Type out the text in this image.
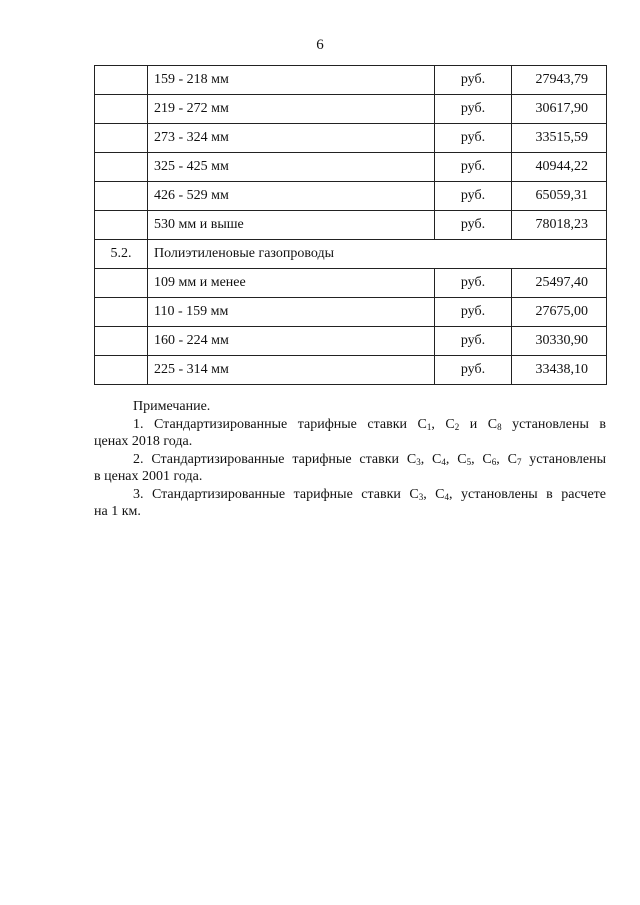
6
	159 - 218 мм	руб.	27943,79
	219 - 272 мм	руб.	30617,90
	273 - 324 мм	руб.	33515,59
	325 - 425 мм	руб.	40944,22
	426 - 529 мм	руб.	65059,31
	530 мм и выше	руб.	78018,23
5.2.	Полиэтиленовые газопроводы		
	109 мм и менее	руб.	25497,40
	110 - 159 мм	руб.	27675,00
	160 - 224 мм	руб.	30330,90
	225 - 314 мм	руб.	33438,10
Примечание.
1. Стандартизированные тарифные ставки $С_1$, $С_2$ и $С_8$ установлены в
ценах 2018 года.
2. Стандартизированные тарифные ставки $С_3$, $С_4$, $С_5$, $С_6$, $С_7$ установлены
в ценах 2001 года.
3. Стандартизированные тарифные ставки $С_3$, $С_4$, установлены в расчете
на 1 км.
